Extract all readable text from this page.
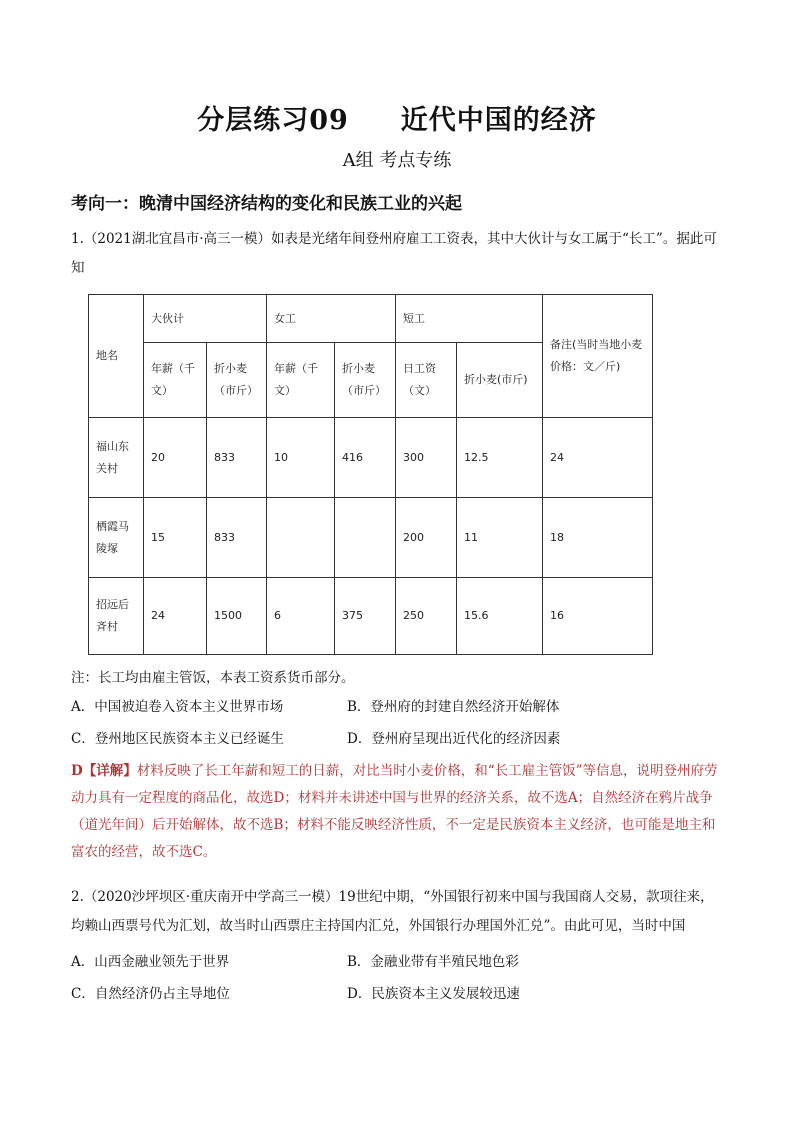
分层练习09 近代中国的经济
A组 考点专练
考向一：晚清中国经济结构的变化和民族工业的兴起
1.（2021湖北宜昌市·高三一模）如表是光绪年间登州府雇工工资表，其中大伙计与女工属于“长工”。据此可知
地名	大伙计		女工		短工		备注(当时当地小麦价格：文／斤)
	年薪（千文）	折小麦（市斤）	年薪（千文）	折小麦（市斤）	日工资（文）	折小麦(市斤)	
福山东关村	20	833	10	416	300	12.5	24
栖霞马陵塚	15	833			200	11	18
招远后斉村	24	1500	6	375	250	15.6	16
注：长工均由雇主管饭，本表工资系货币部分。
A．中国被迫卷入资本主义世界市场	B．登州府的封建自然经济开始解体
C．登州地区民族资本主义已经诞生	D．登州府呈现出近代化的经济因素
D【详解】材料反映了长工年薪和短工的日薪，对比当时小麦价格，和“长工雇主管饭”等信息，说明登州府劳动力具有一定程度的商品化，故选D；材料并未讲述中国与世界的经济关系，故不选A；自然经济在鸦片战争（道光年间）后开始解体，故不选B；材料不能反映经济性质，不一定是民族资本主义经济，也可能是地主和富农的经营，故不选C。
2.（2020沙坪坝区·重庆南开中学高三一模）19世纪中期，“外国银行初来中国与我国商人交易，款项往来，均赖山西票号代为汇划，故当时山西票庄主持国内汇兑，外国银行办理国外汇兑”。由此可见，当时中国
A．山西金融业领先于世界	B．金融业带有半殖民地色彩
C．自然经济仍占主导地位	D．民族资本主义发展较迅速
